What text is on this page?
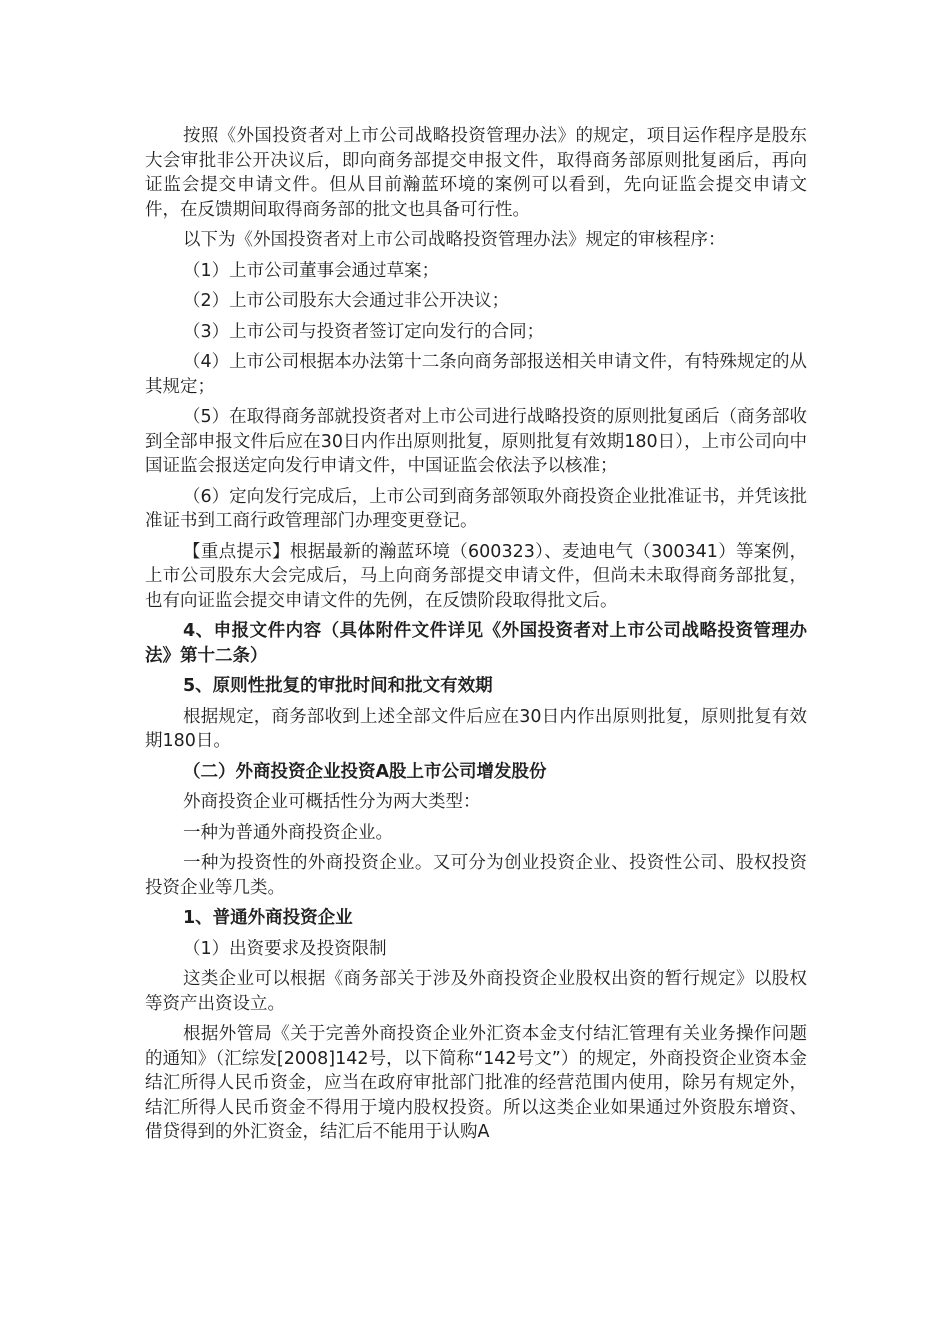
按照《外国投资者对上市公司战略投资管理办法》的规定，项目运作程序是股东大会审批非公开决议后，即向商务部提交申报文件，取得商务部原则批复函后，再向证监会提交申请文件。但从目前瀚蓝环境的案例可以看到，先向证监会提交申请文件，在反馈期间取得商务部的批文也具备可行性。

以下为《外国投资者对上市公司战略投资管理办法》规定的审核程序：

（1）上市公司董事会通过草案；

（2）上市公司股东大会通过非公开决议；

（3）上市公司与投资者签订定向发行的合同；

（4）上市公司根据本办法第十二条向商务部报送相关申请文件，有特殊规定的从其规定；

（5）在取得商务部就投资者对上市公司进行战略投资的原则批复函后（商务部收到全部申报文件后应在30日内作出原则批复，原则批复有效期180日），上市公司向中国证监会报送定向发行申请文件，中国证监会依法予以核准；

（6）定向发行完成后，上市公司到商务部领取外商投资企业批准证书，并凭该批准证书到工商行政管理部门办理变更登记。

【重点提示】根据最新的瀚蓝环境（600323）、麦迪电气（300341）等案例，上市公司股东大会完成后，马上向商务部提交申请文件，但尚未未取得商务部批复，也有向证监会提交申请文件的先例，在反馈阶段取得批文后。

4、申报文件内容（具体附件文件详见《外国投资者对上市公司战略投资管理办法》第十二条）

5、原则性批复的审批时间和批文有效期

根据规定，商务部收到上述全部文件后应在30日内作出原则批复，原则批复有效期180日。

（二）外商投资企业投资A股上市公司增发股份

外商投资企业可概括性分为两大类型：

一种为普通外商投资企业。

一种为投资性的外商投资企业。又可分为创业投资企业、投资性公司、股权投资投资企业等几类。

1、普通外商投资企业

（1）出资要求及投资限制

这类企业可以根据《商务部关于涉及外商投资企业股权出资的暂行规定》以股权等资产出资设立。

根据外管局《关于完善外商投资企业外汇资本金支付结汇管理有关业务操作问题的通知》（汇综发[2008]142号，以下简称“142号文”）的规定，外商投资企业资本金结汇所得人民币资金，应当在政府审批部门批准的经营范围内使用，除另有规定外，结汇所得人民币资金不得用于境内股权投资。所以这类企业如果通过外资股东增资、借贷得到的外汇资金，结汇后不能用于认购A
